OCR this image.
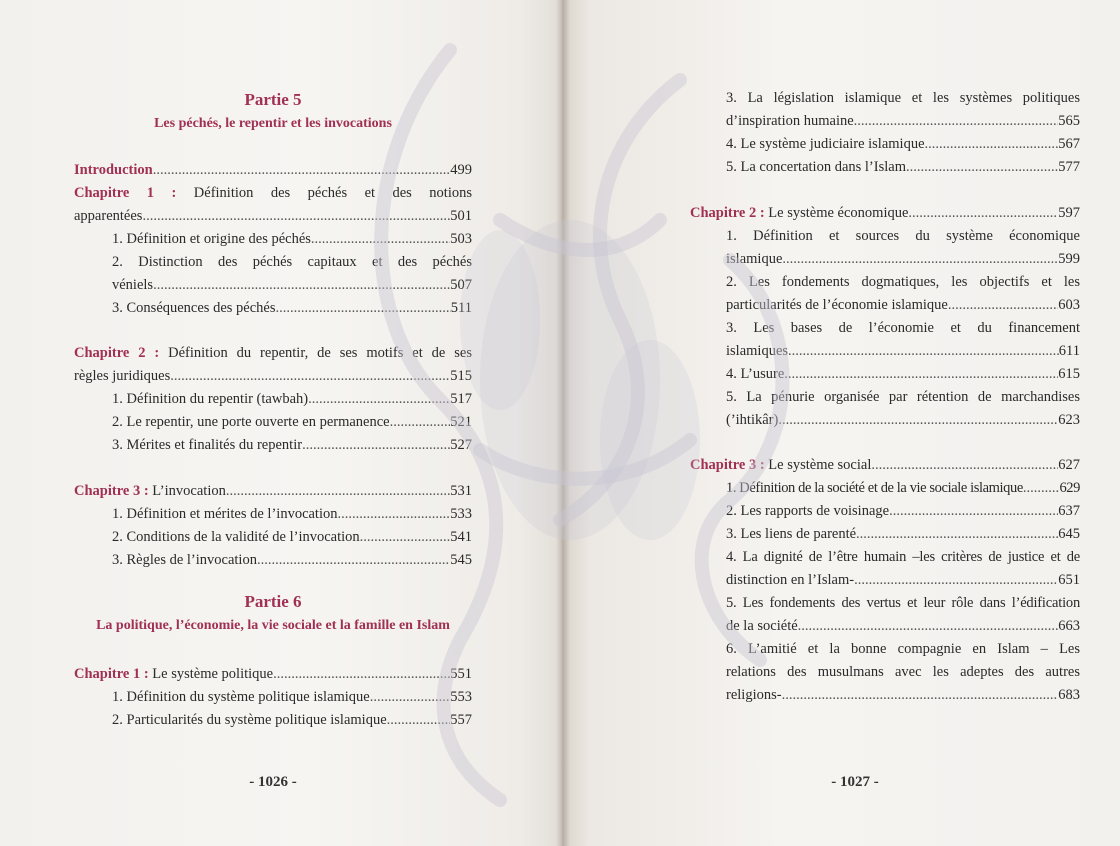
Partie 5
Les péchés, le repentir et les invocations
Introduction .....	499
Chapitre 1 : Définition des péchés et des notions
apparentées .....	501
1. Définition et origine des péchés .....	503
2. Distinction des péchés capitaux et des péchés
véniels .....	507
3. Conséquences des péchés .....	511
Chapitre 2 : Définition du repentir, de ses motifs et de ses
règles juridiques .....	515
1. Définition du repentir (tawbah) .....	517
2. Le repentir, une porte ouverte en permanence .....	521
3. Mérites et finalités du repentir .....	527
Chapitre 3 : L’invocation .....	531
1. Définition et mérites de l’invocation .....	533
2. Conditions de la validité de l’invocation .....	541
3. Règles de l’invocation .....	545
Partie 6
La politique, l’économie, la vie sociale et la famille en Islam
Chapitre 1 : Le système politique .....	551
1. Définition du système politique islamique .....	553
2. Particularités du système politique islamique .....	557
- 1026 -
3. La législation islamique et les systèmes politiques
d’inspiration humaine .....	565
4. Le système judiciaire islamique .....	567
5. La concertation dans l’Islam .....	577
Chapitre 2 : Le système économique .....	597
1. Définition et sources du système économique
islamique .....	599
2. Les fondements dogmatiques, les objectifs et les
particularités de l’économie islamique .....	603
3. Les bases de l’économie et du financement
islamiques .....	611
4. L’usure .....	615
5. La pénurie organisée par rétention de marchandises
(’ihtikâr) .....	623
Chapitre 3 : Le système social .....	627
1. Définition de la société et de la vie sociale islamique .....	629
2. Les rapports de voisinage .....	637
3. Les liens de parenté .....	645
4. La dignité de l’être humain –les critères de justice et de
distinction en l’Islam- .....	651
5. Les fondements des vertus et leur rôle dans l’édification
de la société .....	663
6. L’amitié et la bonne compagnie en Islam – Les
relations des musulmans avec les adeptes des autres
religions- .....	683
- 1027 -
